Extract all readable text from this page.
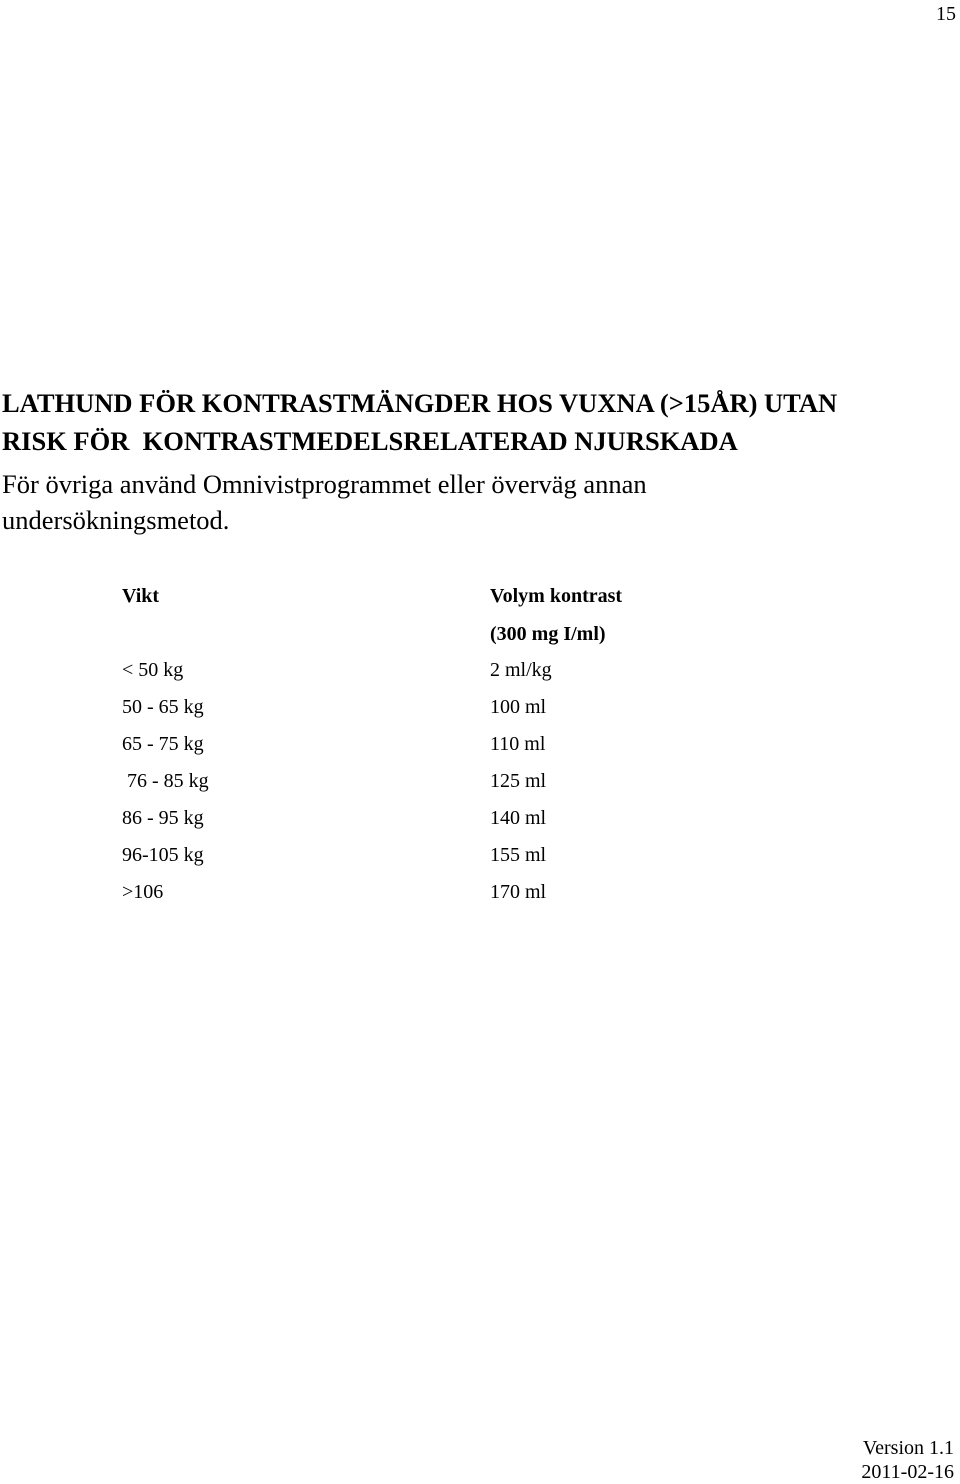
15
LATHUND FÖR KONTRASTMÄNGDER HOS VUXNA (>15ÅR) UTAN
RISK FÖR  KONTRASTMEDELSRELATERAD NJURSKADA

För övriga använd Omnivistprogrammet eller överväg annan
undersökningsmetod.

Vikt	Volym kontrast
(300 mg I/ml)
< 50 kg	2 ml/kg
50 - 65 kg	100 ml
65 - 75 kg	110 ml
76 - 85 kg	125 ml
86 - 95 kg	140 ml
96-105 kg	155 ml
>106	170 ml
Version 1.1
2011-02-16
